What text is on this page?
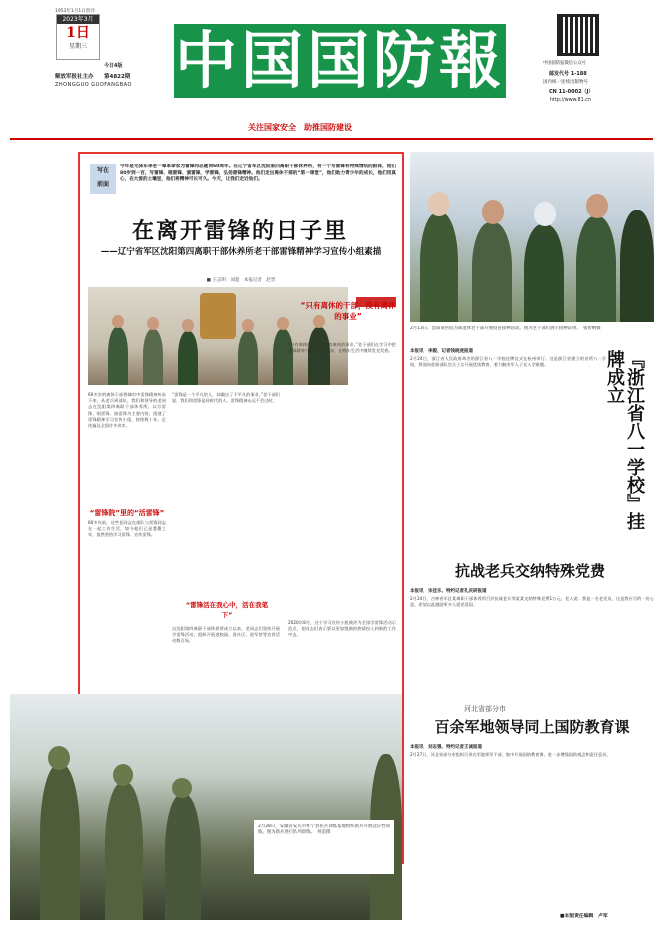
1953年1月1日创刊
2023年3月
1日
星期三
今日4版
解放军报社主办 第4822期
ZHONGGUO GUOFANGBAO 中国国防報	中国国防报微信公众号
邮发代号 1-188
国内统一连续出版物号
CN 11-0002（J）
http://www.81.cn
关注国家安全　助推国防建设
写在
前面
今年是毛泽东等老一辈革命家为雷锋同志题词60周年。在辽宁省军区沈阳第四离职干部休养所，有一个写雷锋有特殊情结的群体，他们80岁到一百，写雷锋、唱雷锋、演雷锋，学雷锋，弘扬雷锋精神。他们走出离休干部的“第一课堂”，他们助力青少年的成长，他们用真心，在大爱的土壤里，他们将精神可长可久。今天，让我们走近他们。
在离开雷锋的日子里
——辽宁省军区沈阳第四离职干部休养所老干部雷锋精神学习宣传小组素描
■ 王志明　刘超　本报记者　赵晋
60多岁的离休干部将城市中雷锋精神传承下来，从老兵到部队，我们和领导的老同志在沈阳第四离职干部休养所，以写雷锋、唱雷锋、演雷锋为主要内容，组建了雷锋精神学习宣传小组，持续数十年，足迹遍及全国许多省市。
“雷锋院”里的“活雷锋”
60多年前，这些老同志在部队与雷锋同志在一起工作生活，如今他们已是耄耋之年，依然坚持学习雷锋、宣传雷锋。
“只有离休的干部，没有离休的事业”
“雷锋是一个平凡的人，却做出了不平凡的事业。”老干部们说，我们和雷锋是同时代的人，雷锋精神永远不会过时。
“雷锋活在我心中，活在我笔下”
自沈阳第四离职干部休养所成立以来，老同志们坚持开展学雷锋活动，组织开展进校园、进社区、进军营等宣讲活动数百场。
“只有离休的干部，没有离休的事业。”老干部们在学习中把雷锋精神当作一生的追求，在晚年生活中继续发光发热。
2020年8月，这个学习宣传小组被评为全国学雷锋活动示范点，老同志们表示要以更加饱满的热情投入到新的工作中去。
2月13日，沈阳某医院为离退休老干部开展疫苗接种活动。图为老干部们展示接种证明。　张智纲摄
本报讯　李毅、记者钱晓虎报道
2月24日，浙江省人民政府命名的浙江省八一学校挂牌仪式在杭州举行。这是浙江省建立的首所八一学校，将面向驻浙部队官兵子女开展优质教育，着力解决军人子女入学难题。	『浙江省八一学校』挂牌成立
抗战老兵交纳特殊党费
本报讯　宋佳乐、特约记者孔庆研报道
2月24日，吉林省军区某离职干部休养所百岁抗战老兵李某某交纳特殊党费1万元。老人说：我是一名老党员，这是我应尽的一份心意，希望以此激励更多人爱党爱国。
河北省部分市
百余军地领导同上国防教育课
本报讯　刘志强、特约记者王诚报道
2月27日，河北省部分市组织百余名军地领导干部，集中开展国防教育课，进一步增强国防观念和责任意识。
■本版责任编辑　卢军
2月28日，安徽省安庆市怀宁县民兵训练基地组织新兵开展适应性训练，图为新兵进行队列训练。　何雷摄
